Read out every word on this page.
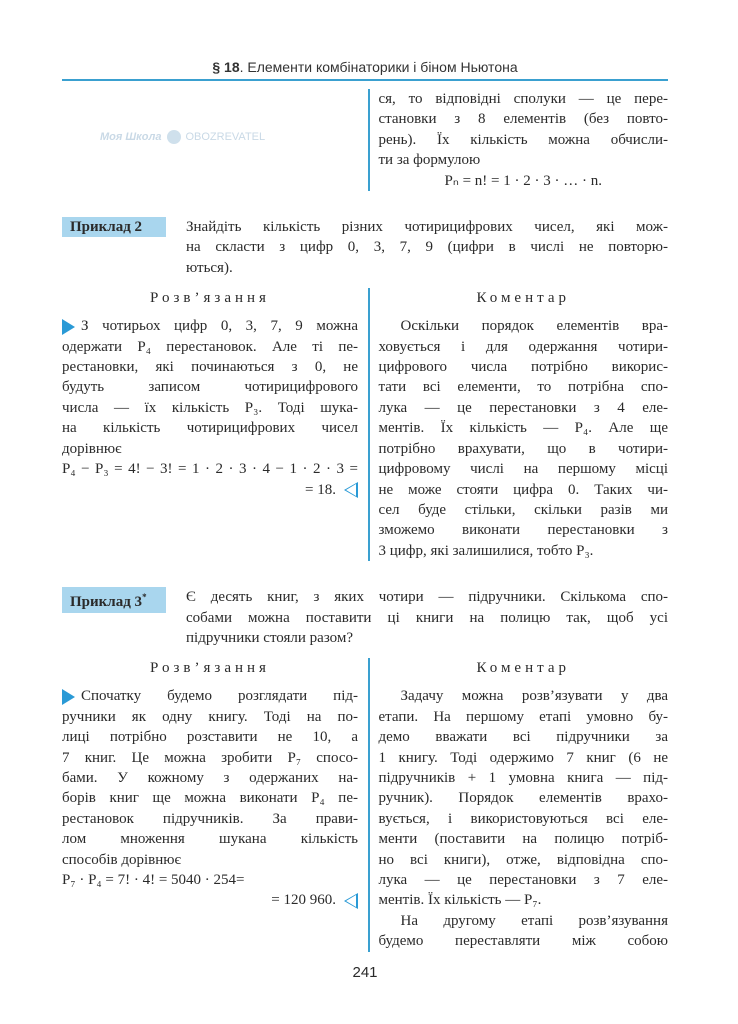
Моя Школа OBOZREVATEL
§ 18. Елементи комбінаторики і біном Ньютона
ся, то відповідні сполуки — це пере-
становки з 8 елементів (без повто-
рень). Їх кількість можна обчисли-
ти за формулою
Pₙ = n! = 1 · 2 · 3 · … · n.
Приклад 2	Знайдіть кількість різних чотирицифрових чисел, які мож-
на скласти з цифр 0, 3, 7, 9 (цифри в числі не повторю-
ються).
Розв’язання
З чотирьох цифр 0, 3, 7, 9 можна
одержати P₄ перестановок. Але ті пе-
рестановки, які починаються з 0, не
будуть записом чотирицифрового
числа — їх кількість P₃. Тоді шука-
на кількість чотирицифрових чисел
дорівнює
P₄ − P₃ = 4! − 3! = 1 · 2 · 3 · 4 − 1 · 2 · 3 =
= 18.
Коментар
Оскільки порядок елементів вра-
ховується і для одержання чотири-
цифрового числа потрібно викорис-
тати всі елементи, то потрібна спо-
лука — це перестановки з 4 еле-
ментів. Їх кількість — P₄. Але ще
потрібно врахувати, що в чотири-
цифровому числі на першому місці
не може стояти цифра 0. Таких чи-
сел буде стільки, скільки разів ми
зможемо виконати перестановки з
3 цифр, які залишилися, тобто P₃.
Приклад 3*	Є десять книг, з яких чотири — підручники. Скількома спо-
собами можна поставити ці книги на полицю так, щоб усі
підручники стояли разом?
Розв’язання
Спочатку будемо розглядати під-
ручники як одну книгу. Тоді на по-
лиці потрібно розставити не 10, а
7 книг. Це можна зробити P₇ спосо-
бами. У кожному з одержаних на-
борів книг ще можна виконати P₄ пе-
рестановок підручників. За прави-
лом множення шукана кількість
способів дорівнює
P₇ · P₄ = 7! · 4! = 5040 · 254=
= 120 960.
Коментар
Задачу можна розв’язувати у два
етапи. На першому етапі умовно бу-
демо вважати всі підручники за
1 книгу. Тоді одержимо 7 книг (6 не
підручників + 1 умовна книга — під-
ручник). Порядок елементів врахо-
вується, і використовуються всі еле-
менти (поставити на полицю потріб-
но всі книги), отже, відповідна спо-
лука — це перестановки з 7 еле-
ментів. Їх кількість — P₇.
На другому етапі розв’язування
будемо переставляти між собою
241
